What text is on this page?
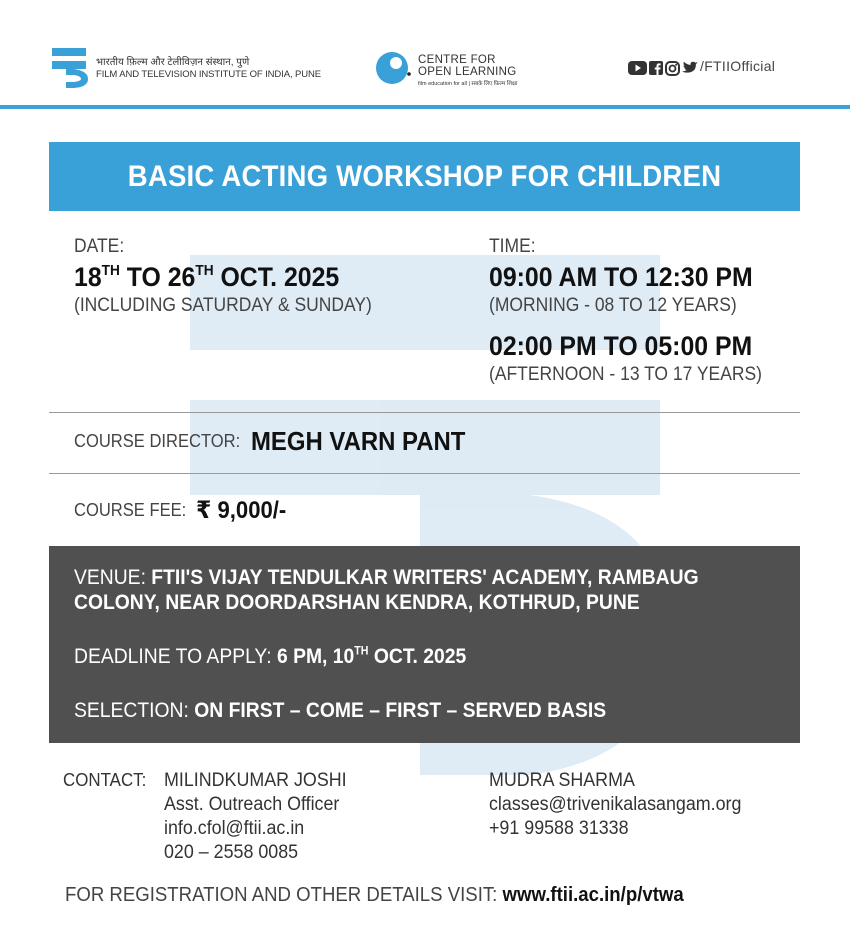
भारतीय फ़िल्म और टेलीविज़न संस्थान, पुणे
FILM AND TELEVISION INSTITUTE OF INDIA, PUNE
CENTRE FOR
OPEN LEARNING
film education for all | सबके लिए फ़िल्म शिक्षा
/FTIIOfficial
BASIC ACTING WORKSHOP FOR CHILDREN
DATE:
18TH TO 26TH OCT. 2025
(INCLUDING SATURDAY & SUNDAY)
TIME:
09:00 AM TO 12:30 PM
(MORNING - 08 TO 12 YEARS)
02:00 PM TO 05:00 PM
(AFTERNOON - 13 TO 17 YEARS)
COURSE DIRECTOR: MEGH VARN PANT
COURSE FEE: ₹ 9,000/-
VENUE: FTII'S VIJAY TENDULKAR WRITERS' ACADEMY, RAMBAUG
COLONY, NEAR DOORDARSHAN KENDRA, KOTHRUD, PUNE
DEADLINE TO APPLY: 6 PM, 10TH OCT. 2025
SELECTION: ON FIRST – COME – FIRST – SERVED BASIS
CONTACT: MILINDKUMAR JOSHI
Asst. Outreach Officer
info.cfol@ftii.ac.in
020 – 2558 0085
MUDRA SHARMA
classes@trivenikalasangam.org
+91 99588 31338
FOR REGISTRATION AND OTHER DETAILS VISIT: www.ftii.ac.in/p/vtwa
